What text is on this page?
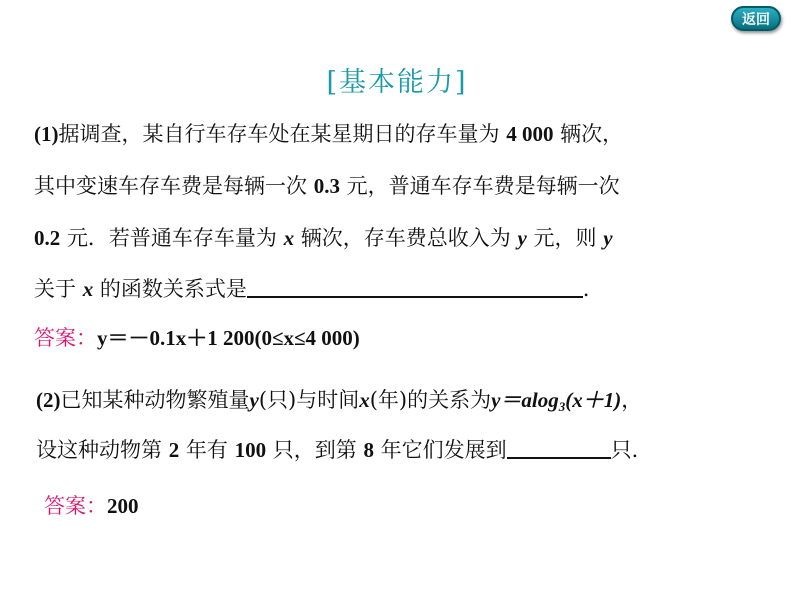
返回
[基本能力]
(1)据调查，某自行车存车处在某星期日的存车量为 4 000 辆次，
其中变速车存车费是每辆一次 0.3 元，普通车存车费是每辆一次
0.2 元．若普通车存车量为 x 辆次，存车费总收入为 y 元，则 y
关于 x 的函数关系式是	．
答案：y＝－0.1x＋1 200(0≤x≤4 000)
(2)已知某种动物繁殖量y(只)与时间x(年)的关系为y＝alog$_3$(x＋1)，
设这种动物第 2 年有 100 只，到第 8 年它们发展到	只．
答案：200
